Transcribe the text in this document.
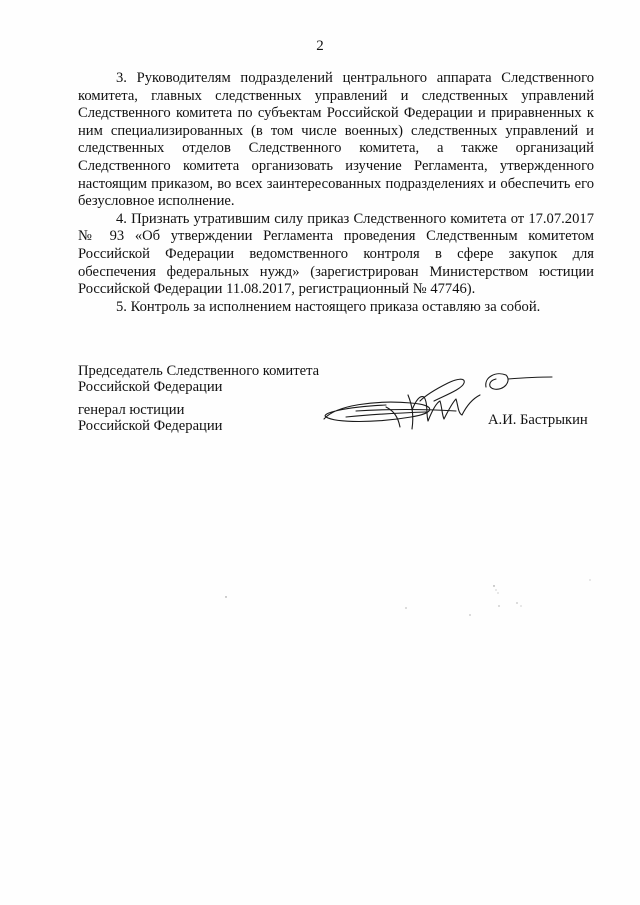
2

3. Руководителям подразделений центрального аппарата Следственного комитета, главных следственных управлений и следственных управлений Следственного комитета по субъектам Российской Федерации и приравненных к ним специализированных (в том числе военных) следственных управлений и следственных отделов Следственного комитета, а также организаций Следственного комитета организовать изучение Регламента, утвержденного настоящим приказом, во всех заинтересованных подразделениях и обеспечить его безусловное исполнение.

4. Признать утратившим силу приказ Следственного комитета от 17.07.2017 № 93 «Об утверждении Регламента проведения Следственным комитетом Российской Федерации ведомственного контроля в сфере закупок для обеспечения федеральных нужд» (зарегистрирован Министерством юстиции Российской Федерации 11.08.2017, регистрационный № 47746).

5. Контроль за исполнением настоящего приказа оставляю за собой.

Председатель Следственного комитета
Российской Федерации
генерал юстиции
Российской Федерации	А.И. Бастрыкин
